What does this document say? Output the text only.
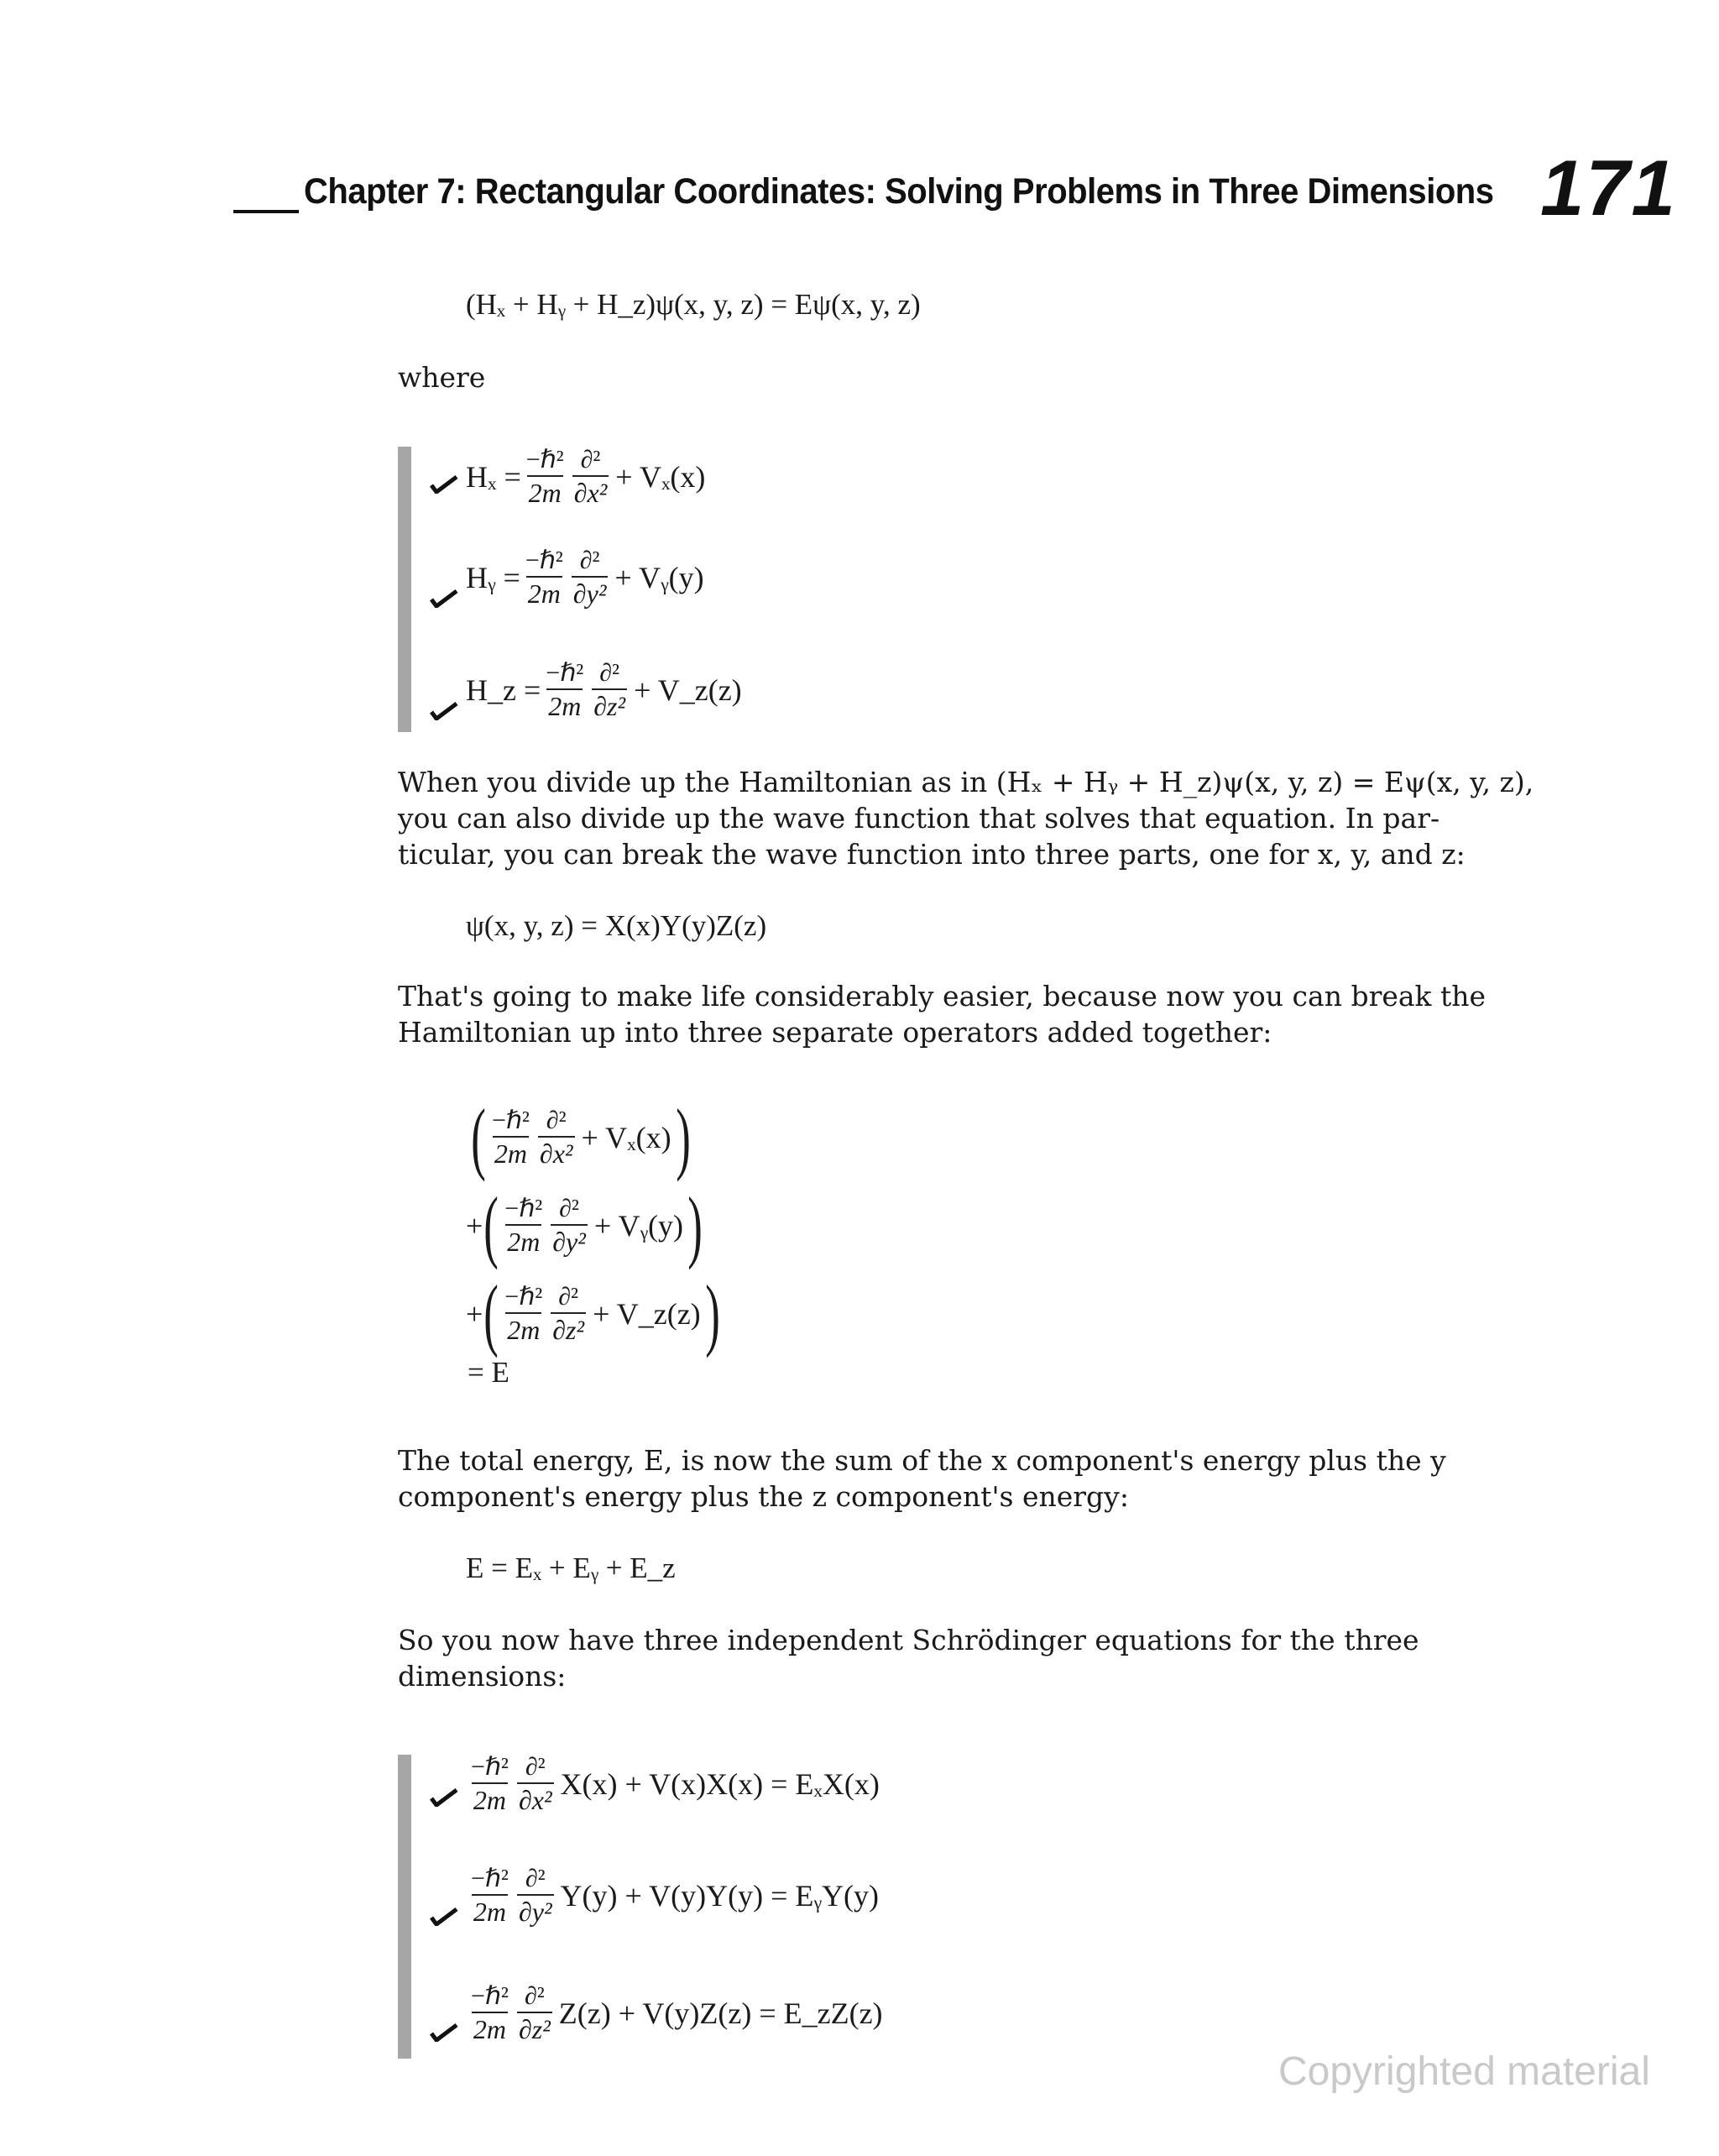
Chapter 7: Rectangular Coordinates: Solving Problems in Three Dimensions 171
(Hₓ + Hᵧ + H_z)ψ(x, y, z) = Eψ(x, y, z)
where
$H_x = \frac{\text{−ℏ²}}{2m} \frac{\text{∂²}}{\text{∂x²}} + V_x(x)$
Hᵧ = $\frac{\text{−ℏ²}}{2m} \frac{\text{∂²}}{\text{∂y²}}$ + Vᵧ(y)
H_z = $\frac{\text{−ℏ²}}{2m} \frac{\text{∂²}}{\text{∂z²}}$ + V_z(z)
When you divide up the Hamiltonian as in (Hₓ + Hᵧ + H_z)ψ(x, y, z) = Eψ(x, y, z),
you can also divide up the wave function that solves that equation. In par-
ticular, you can break the wave function into three parts, one for x, y, and z:
ψ(x, y, z) = X(x)Y(y)Z(z)
That's going to make life considerably easier, because now you can break the
Hamiltonian up into three separate operators added together:
( $\frac{\text{−ℏ²}}{2m} \frac{\text{∂²}}{\text{∂x²}} + V_x(x)$ )
+ ( $\frac{\text{−ℏ²}}{2m} \frac{\text{∂²}}{\text{∂y²}}$ + Vᵧ(y) )
+ ( $\frac{\text{−ℏ²}}{2m} \frac{\text{∂²}}{\text{∂z²}}$ + V_z(z) )
= E
The total energy, E, is now the sum of the x component's energy plus the y
component's energy plus the z component's energy:
E = Eₓ + Eᵧ + E_z
So you now have three independent Schrödinger equations for the three
dimensions:
$\frac{\text{−ℏ²}}{2m} \frac{\text{∂²}}{\text{∂x²}} X(x) + V(x)X(x) = E_xX(x)$
$\frac{\text{−ℏ²}}{2m} \frac{\text{∂²}}{\text{∂y²}} Y(y) + V(y)Y(y)$ = EᵧY(y)
$\frac{\text{−ℏ²}}{2m} \frac{\text{∂²}}{\text{∂z²}} Z(z) + V(y)Z(z)$ = E_zZ(z)
Copyrighted material
